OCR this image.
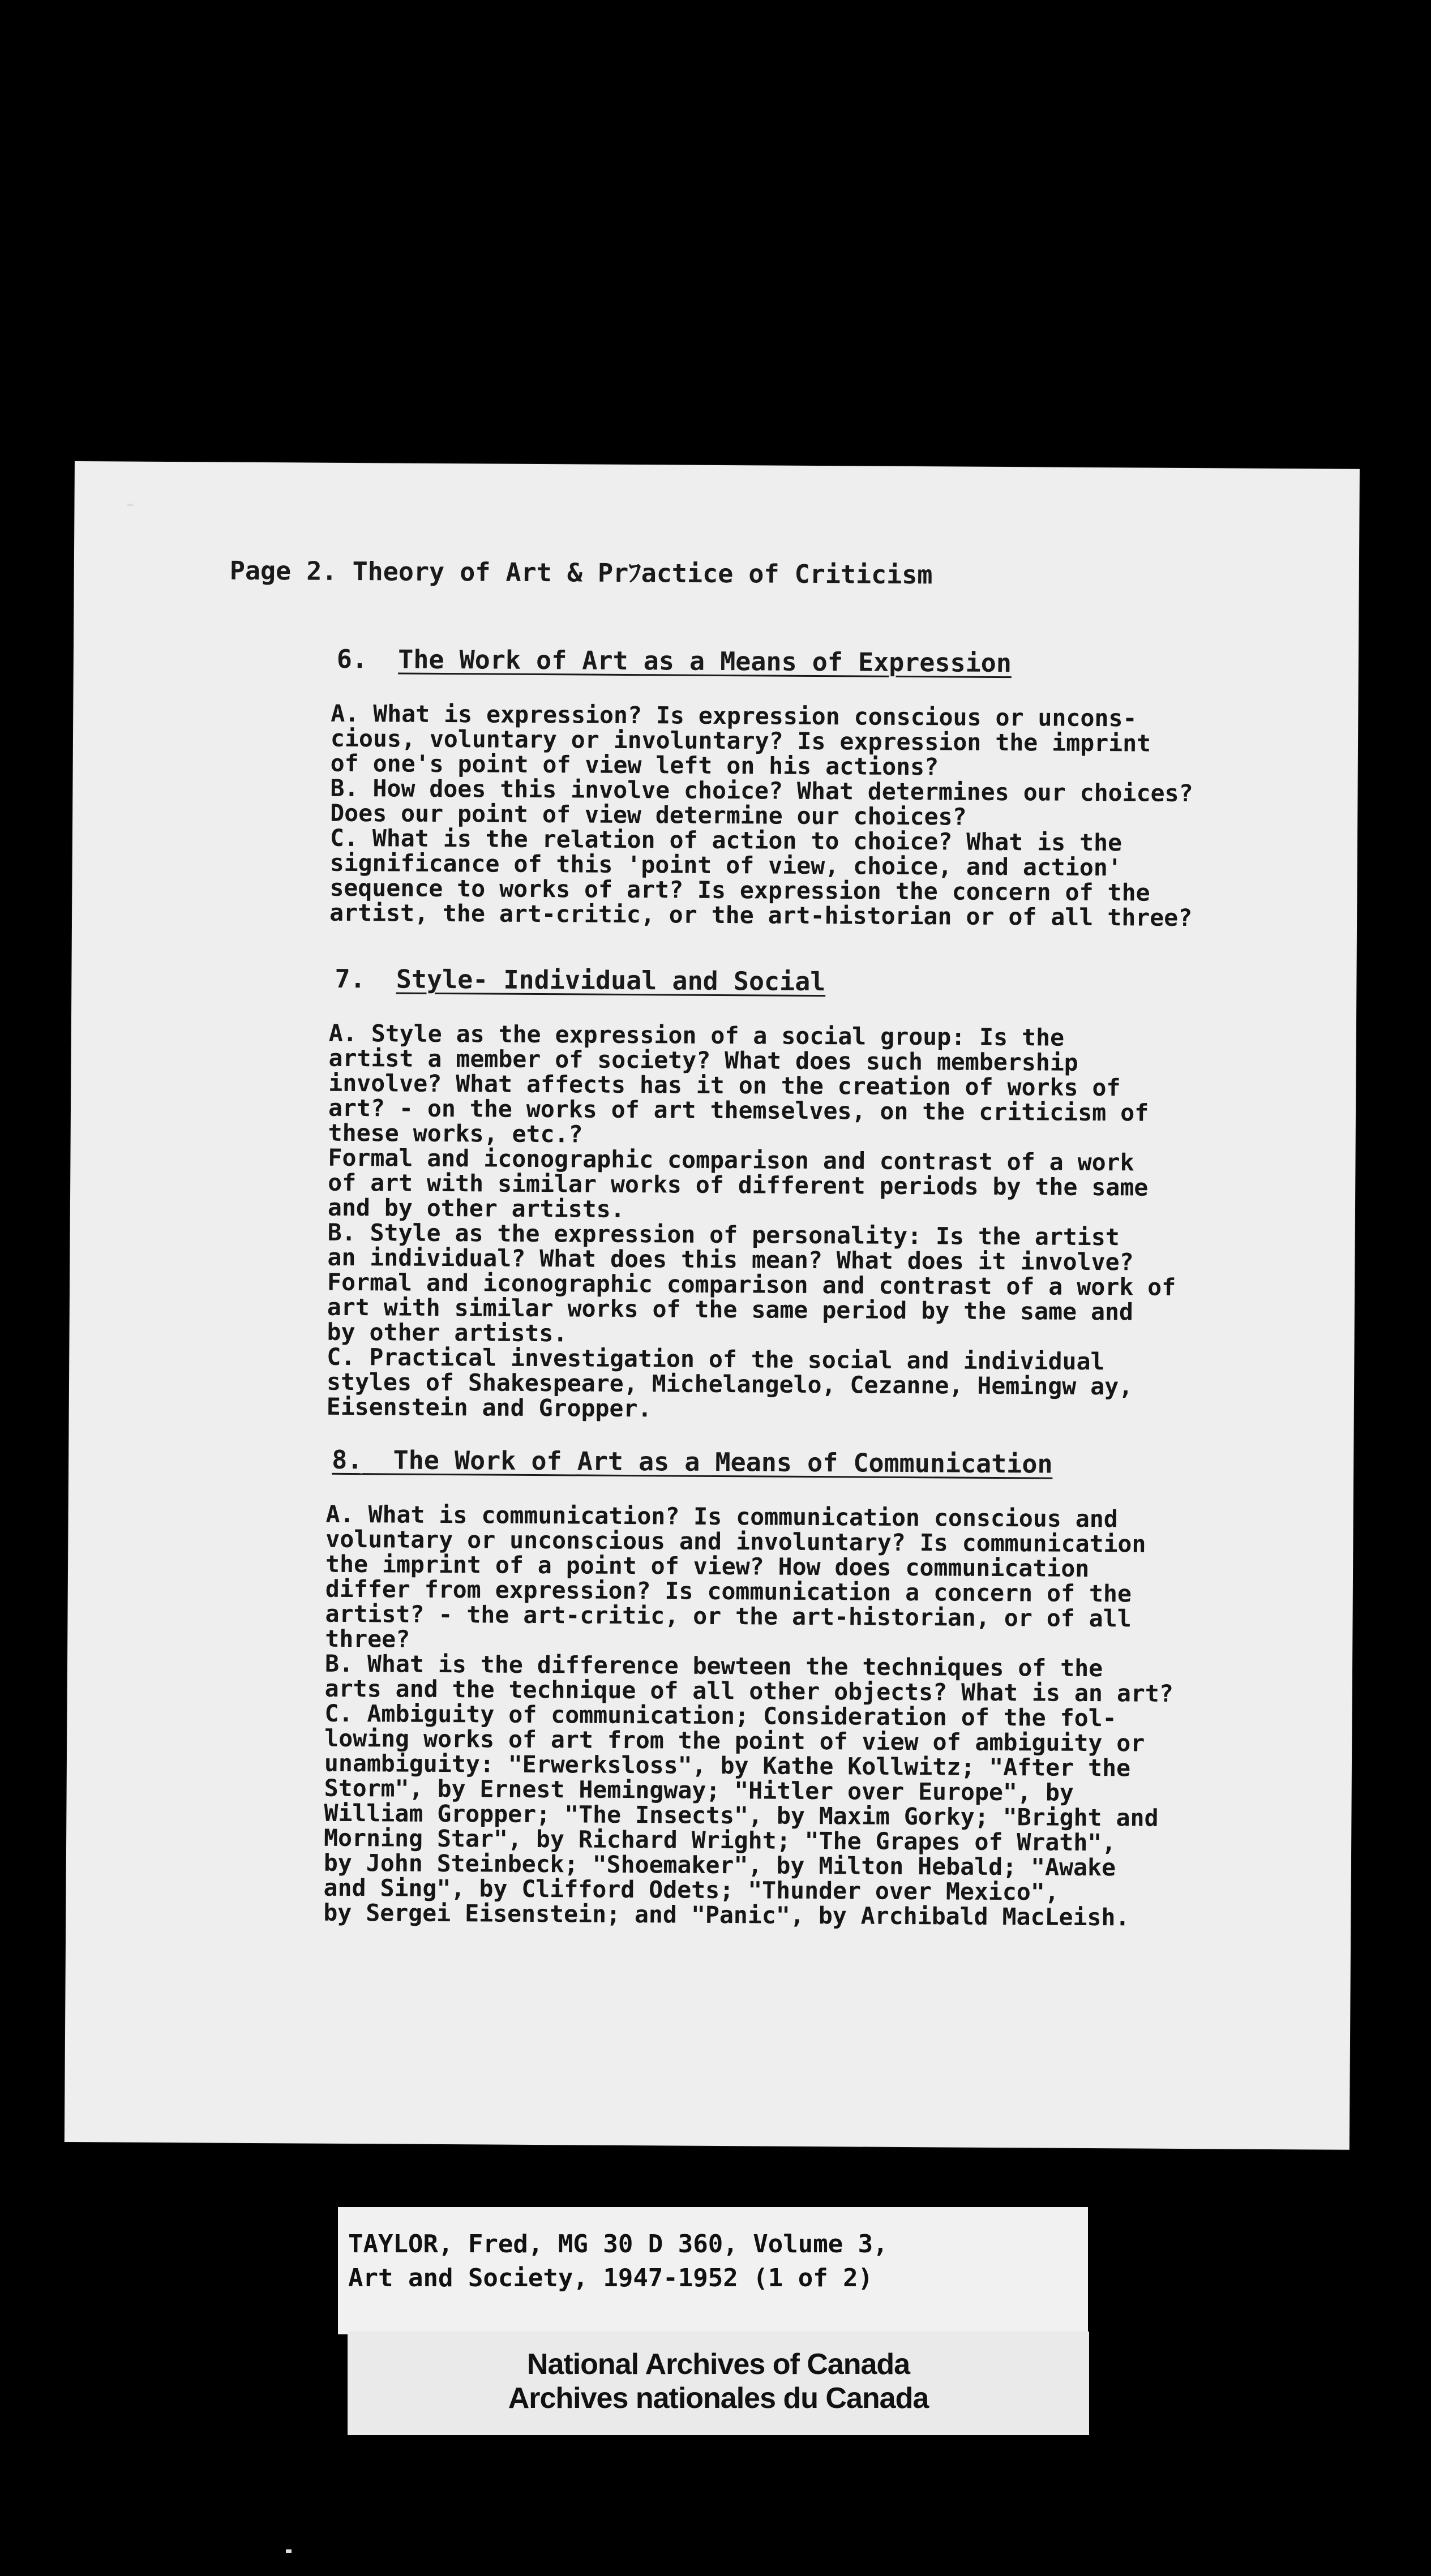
Page 2. Theory of Art & Prﾌactice of Criticism
6. The Work of Art as a Means of Expression
A. What is expression? Is expression conscious or uncons-
cious, voluntary or involuntary? Is expression the imprint
of one's point of view left on his actions?
B. How does this involve choice? What determines our choices?
Does our point of view determine our choices?
C. What is the relation of action to choice? What is the
significance of this 'point of view, choice, and action'
sequence to works of art? Is expression the concern of the
artist, the art-critic, or the art-historian or of all three?
7. Style- Individual and Social
A. Style as the expression of a social group: Is the
artist a member of society? What does such membership
involve? What affects has it on the creation of works of
art? - on the works of art themselves, on the criticism of
these works, etc.?
Formal and iconographic comparison and contrast of a work
of art with similar works of different periods by the same
and by other artists.
B. Style as the expression of personality: Is the artist
an individual? What does this mean? What does it involve?
Formal and iconographic comparison and contrast of a work of
art with similar works of the same period by the same and
by other artists.
C. Practical investigation of the social and individual
styles of Shakespeare, Michelangelo, Cezanne, Hemingw ay,
Eisenstein and Gropper.
8. The Work of Art as a Means of Communication
A. What is communication? Is communication conscious and
voluntary or unconscious and involuntary? Is communication
the imprint of a point of view? How does communication
differ from expression? Is communication a concern of the
artist? - the art-critic, or the art-historian, or of all
three?
B. What is the difference bewteen the techniques of the
arts and the technique of all other objects? What is an art?
C. Ambiguity of communication; Consideration of the fol-
lowing works of art from the point of view of ambiguity or
unambiguity: "Erwerksloss", by Kathe Kollwitz; "After the
Storm", by Ernest Hemingway; "Hitler over Europe", by
William Gropper; "The Insects", by Maxim Gorky; "Bright and
Morning Star", by Richard Wright; "The Grapes of Wrath",
by John Steinbeck; "Shoemaker", by Milton Hebald; "Awake
and Sing", by Clifford Odets; "Thunder over Mexico",
by Sergei Eisenstein; and "Panic", by Archibald MacLeish.
TAYLOR, Fred, MG 30 D 360, Volume 3,
Art and Society, 1947-1952 (1 of 2)
National Archives of Canada
Archives nationales du Canada
